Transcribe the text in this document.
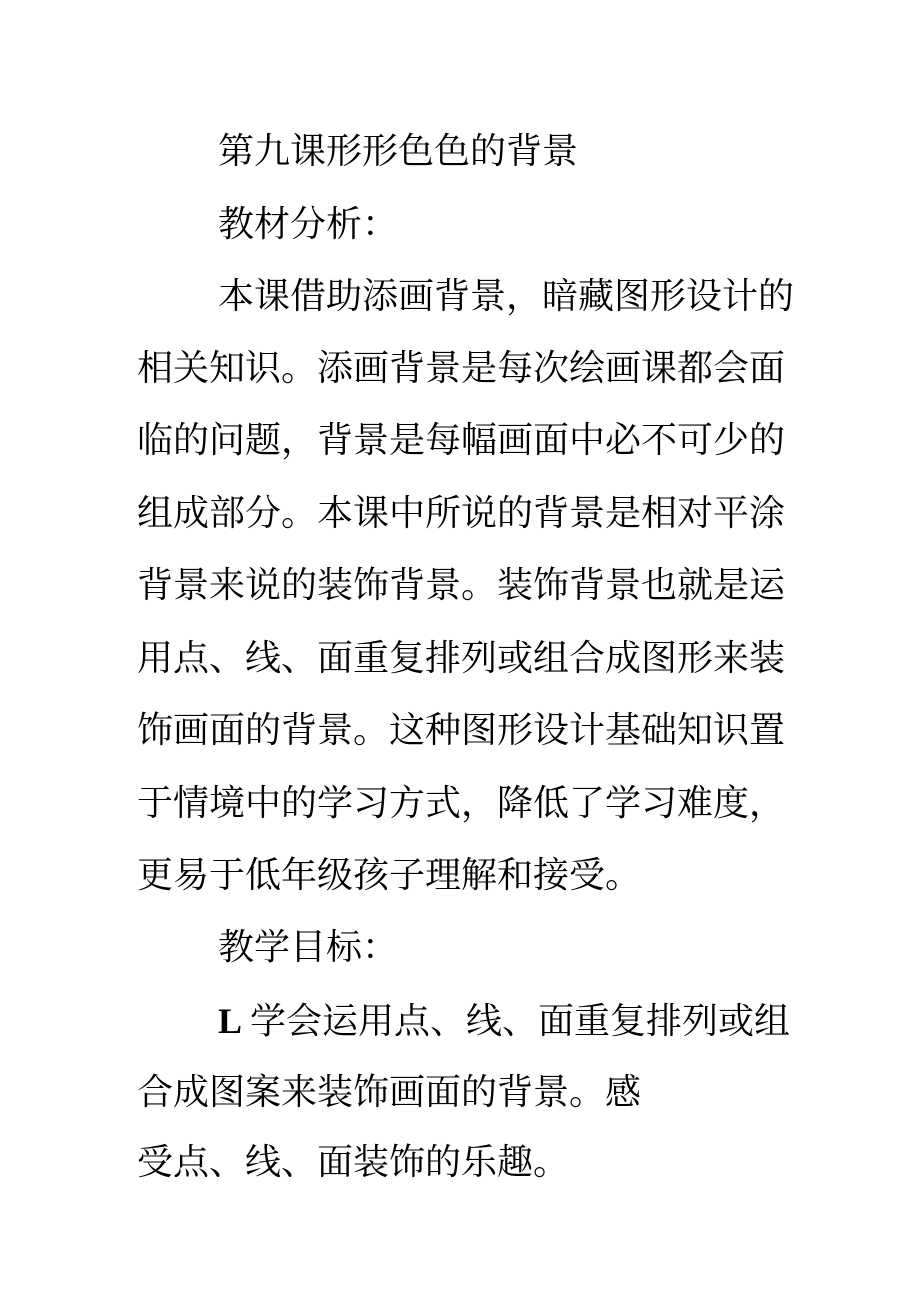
第九课形形色色的背景
教材分析：
本课借助添画背景，暗藏图形设计的
相关知识。添画背景是每次绘画课都会面
临的问题，背景是每幅画面中必不可少的
组成部分。本课中所说的背景是相对平涂
背景来说的装饰背景。装饰背景也就是运
用点、线、面重复排列或组合成图形来装
饰画面的背景。这种图形设计基础知识置
于情境中的学习方式，降低了学习难度，
更易于低年级孩子理解和接受。
教学目标：
L 学会运用点、线、面重复排列或组
合成图案来装饰画面的背景。感
受点、线、面装饰的乐趣。
